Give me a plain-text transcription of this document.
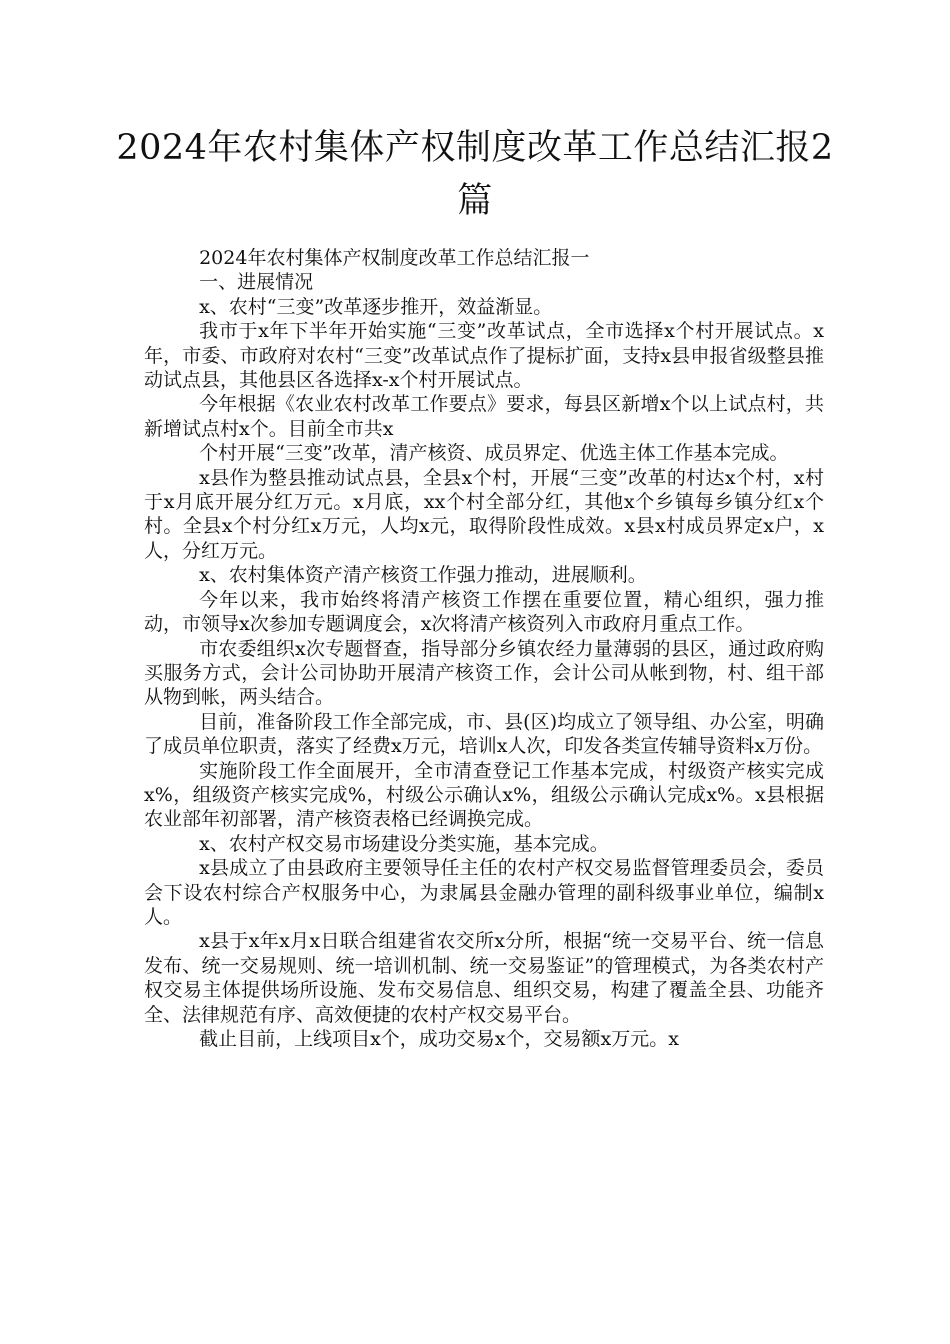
2024年农村集体产权制度改革工作总结汇报2篇

2024年农村集体产权制度改革工作总结汇报一

一、进展情况

x、农村“三变”改革逐步推开，效益渐显。

我市于x年下半年开始实施“三变”改革试点，全市选择x个村开展试点。x年，市委、市政府对农村“三变”改革试点作了提标扩面，支持x县申报省级整县推动试点县，其他县区各选择x-x个村开展试点。

今年根据《农业农村改革工作要点》要求，每县区新增x个以上试点村，共新增试点村x个。目前全市共x

个村开展“三变”改革，清产核资、成员界定、优选主体工作基本完成。

x县作为整县推动试点县，全县x个村，开展“三变”改革的村达x个村，x村于x月底开展分红万元。x月底，xx个村全部分红，其他x个乡镇每乡镇分红x个村。全县x个村分红x万元，人均x元，取得阶段性成效。x县x村成员界定x户，x人，分红万元。

x、农村集体资产清产核资工作强力推动，进展顺利。

今年以来，我市始终将清产核资工作摆在重要位置，精心组织，强力推动，市领导x次参加专题调度会，x次将清产核资列入市政府月重点工作。

市农委组织x次专题督查，指导部分乡镇农经力量薄弱的县区，通过政府购买服务方式，会计公司协助开展清产核资工作，会计公司从帐到物，村、组干部从物到帐，两头结合。

目前，准备阶段工作全部完成，市、县(区)均成立了领导组、办公室，明确了成员单位职责，落实了经费x万元，培训x人次，印发各类宣传辅导资料x万份。

实施阶段工作全面展开，全市清查登记工作基本完成，村级资产核实完成x%，组级资产核实完成%，村级公示确认x%，组级公示确认完成x%。x县根据农业部年初部署，清产核资表格已经调换完成。

x、农村产权交易市场建设分类实施，基本完成。

x县成立了由县政府主要领导任主任的农村产权交易监督管理委员会，委员会下设农村综合产权服务中心，为隶属县金融办管理的副科级事业单位，编制x人。

x县于x年x月x日联合组建省农交所x分所，根据“统一交易平台、统一信息发布、统一交易规则、统一培训机制、统一交易鉴证”的管理模式，为各类农村产权交易主体提供场所设施、发布交易信息、组织交易，构建了覆盖全县、功能齐全、法律规范有序、高效便捷的农村产权交易平台。

截止目前，上线项目x个，成功交易x个，交易额x万元。x
